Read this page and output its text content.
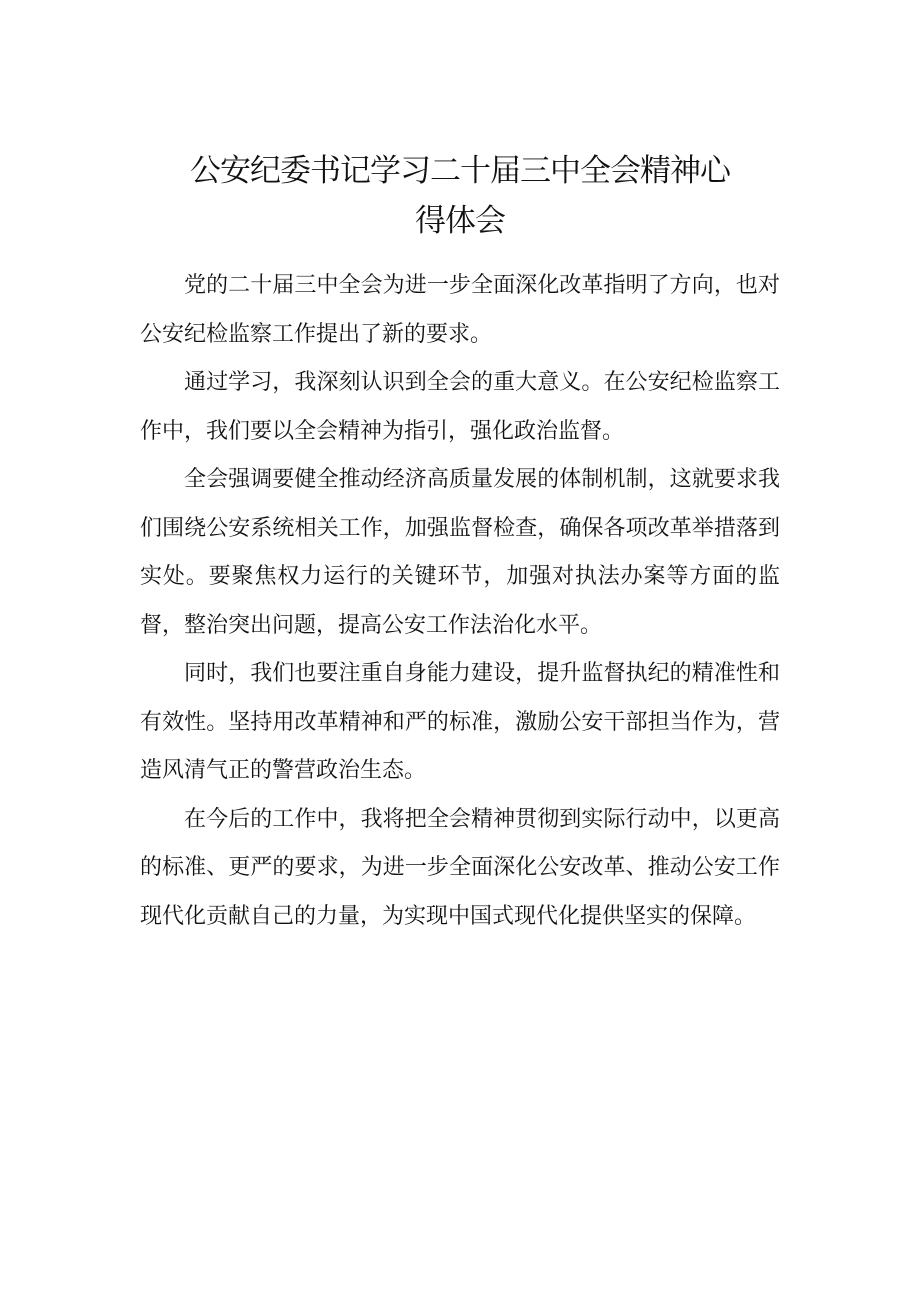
公安纪委书记学习二十届三中全会精神心
得体会

党的二十届三中全会为进一步全面深化改革指明了方向，也对公安纪检监察工作提出了新的要求。

通过学习，我深刻认识到全会的重大意义。在公安纪检监察工作中，我们要以全会精神为指引，强化政治监督。

全会强调要健全推动经济高质量发展的体制机制，这就要求我们围绕公安系统相关工作，加强监督检查，确保各项改革举措落到实处。要聚焦权力运行的关键环节，加强对执法办案等方面的监督，整治突出问题，提高公安工作法治化水平。

同时，我们也要注重自身能力建设，提升监督执纪的精准性和有效性。坚持用改革精神和严的标准，激励公安干部担当作为，营造风清气正的警营政治生态。

在今后的工作中，我将把全会精神贯彻到实际行动中，以更高的标准、更严的要求，为进一步全面深化公安改革、推动公安工作现代化贡献自己的力量，为实现中国式现代化提供坚实的保障。
